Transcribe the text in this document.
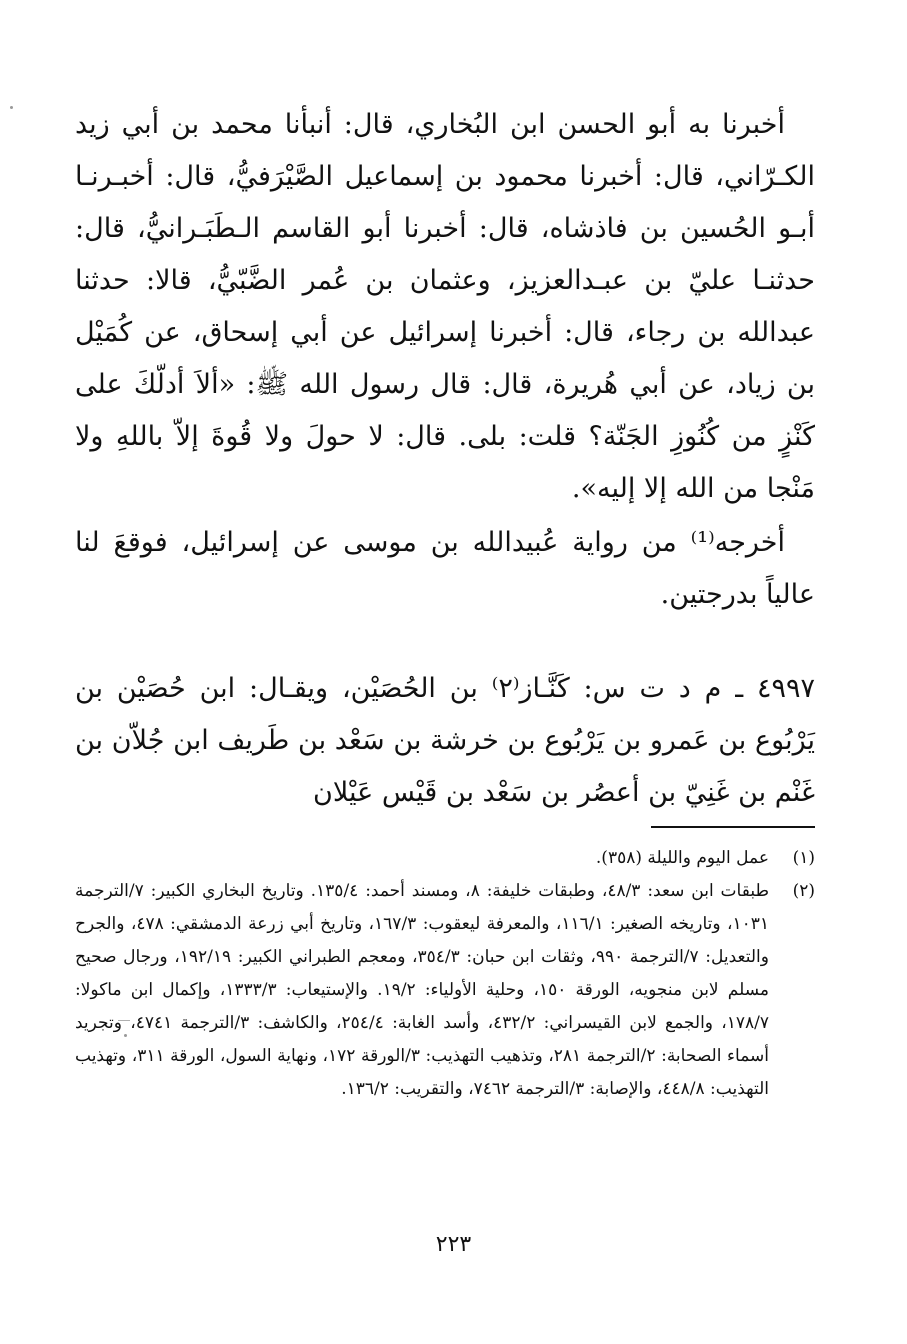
أخبرنا به أبو الحسن ابن البُخاري، قال: أنبأنا محمد بن أبي زيد الكـرّاني، قال: أخبرنا محمود بن إسماعيل الصَّيْرَفيُّ، قال: أخبـرنـا أبـو الحُسين بن فاذشاه، قال: أخبرنا أبو القاسم الـطَبَـرانيُّ، قال: حدثنـا عليّ بن عبـدالعزيز، وعثمان بن عُمر الضَّبّيُّ، قالا: حدثنا عبدالله بن رجاء، قال: أخبرنا إسرائيل عن أبي إسحاق، عن كُمَيْل بن زياد، عن أبي هُريرة، قال: قال رسول الله ﷺ: «ألاَ أدلّكَ على كَنْزٍ من كُنُوزِ الجَنّة؟ قلت: بلى. قال: لا حولَ ولا قُوةَ إلاّ باللهِ ولا مَنْجا من الله إلا إليه».

أخرجه⁽¹⁾ من رواية عُبيدالله بن موسى عن إسرائيل، فوقعَ لنا عالياً بدرجتين.

٤٩٩٧ ـ م د ت س: كَنَّـاز⁽٢⁾ بن الحُصَيْن، ويقـال: ابن حُصَيْن بن يَرْبُوع بن عَمرو بن يَرْبُوع بن خرشة بن سَعْد بن طَريف ابن جُلاّن بن غَنْم بن غَنِيّ بن أعصُر بن سَعْد بن قَيْس عَيْلان

(١)
عمل اليوم والليلة (٣٥٨).
(٢)
طبقات ابن سعد: ٤٨/٣، وطبقات خليفة: ٨، ومسند أحمد: ١٣٥/٤. وتاريخ البخاري الكبير: ٧/الترجمة ١٠٣١، وتاريخه الصغير: ١١٦/١، والمعرفة ليعقوب: ١٦٧/٣، وتاريخ أبي زرعة الدمشقي: ٤٧٨، والجرح والتعديل: ٧/الترجمة ٩٩٠، وثقات ابن حبان: ٣٥٤/٣، ومعجم الطبراني الكبير: ١٩٢/١٩، ورجال صحيح مسلم لابن منجويه، الورقة ١٥٠، وحلية الأولياء: ١٩/٢. والإستيعاب: ١٣٣٣/٣، وإكمال ابن ماكولا: ١٧٨/٧، والجمع لابن القيسراني: ٤٣٢/٢، وأسد الغابة: ٢٥٤/٤، والكاشف: ٣/الترجمة ٤٧٤١، وتجريد أسماء الصحابة: ٢/الترجمة ٢٨١، وتذهيب التهذيب: ٣/الورقة ١٧٢، ونهاية السول، الورقة ٣١١، وتهذيب التهذيب: ٤٤٨/٨، والإصابة: ٣/الترجمة ٧٤٦٢، والتقريب: ١٣٦/٢.
٢٢٣
